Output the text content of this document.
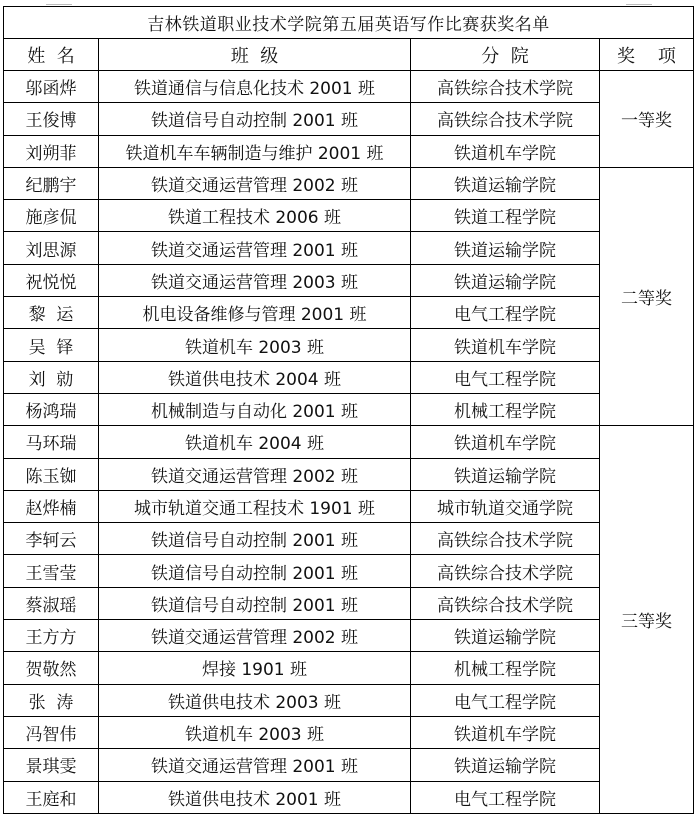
吉林铁道职业技术学院第五届英语写作比赛获奖名单			
姓  名	班  级	分  院	奖    项
邬函烨	铁道通信与信息化技术 2001 班	高铁综合技术学院	一等奖
王俊博	铁道信号自动控制 2001 班	高铁综合技术学院	
刘朔菲	铁道机车车辆制造与维护 2001 班	铁道机车学院	
纪鹏宇	铁道交通运营管理 2002 班	铁道运输学院	二等奖
施彦侃	铁道工程技术 2006 班	铁道工程学院	
刘思源	铁道交通运营管理 2001 班	铁道运输学院	
祝悦悦	铁道交通运营管理 2003 班	铁道运输学院	
黎  运	机电设备维修与管理 2001 班	电气工程学院	
吴  铎	铁道机车 2003 班	铁道机车学院	
刘  勍	铁道供电技术 2004 班	电气工程学院	
杨鸿瑞	机械制造与自动化 2001 班	机械工程学院	
马环瑞	铁道机车 2004 班	铁道机车学院	三等奖
陈玉铷	铁道交通运营管理 2002 班	铁道运输学院	
赵烨楠	城市轨道交通工程技术 1901 班	城市轨道交通学院	
李轲云	铁道信号自动控制 2001 班	高铁综合技术学院	
王雪莹	铁道信号自动控制 2001 班	高铁综合技术学院	
蔡淑瑶	铁道信号自动控制 2001 班	高铁综合技术学院	
王方方	铁道交通运营管理 2002 班	铁道运输学院	
贺敬然	焊接 1901 班	机械工程学院	
张  涛	铁道供电技术 2003 班	电气工程学院	
冯智伟	铁道机车 2003 班	铁道机车学院	
景琪雯	铁道交通运营管理 2001 班	铁道运输学院	
王庭和	铁道供电技术 2001 班	电气工程学院	
